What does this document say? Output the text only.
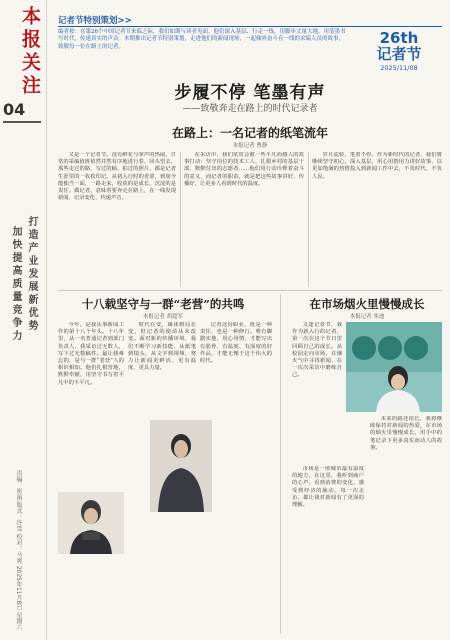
本报关注
04
打造产业发展新优势
加快提高质量竞争力
责编：崔丽 版式：许雪 校对：马爽 2025年11月8日 星期六
记者节特别策划>>
编者按：在第26个中国记者节来临之际，我们如期与读者见面。他们深入基层、行走一线，用脚步丈量大地，用笔墨书写时代，传递真实的声音。本期推出记者节特别策划，走进他们的新闻现场，一起倾听奋斗在一线的采编人员的故事，致敬每一位在路上的记者。	26th
记者节
2025/11/08
步履不停 笔墨有声
——致敬奔走在路上的时代记录者
在路上：一名记者的纸笔流年
本报记者 曹静

又是一个记者节。没有鲜花与掌声的热闹，日常的采编值班依然井然有序地进行着。回头望去，那些走过的路、写过的稿、拍过的照片，都是记者生涯里的一枚枚印记。从初入行时的青涩，到如今能独当一面，一路走来，收获的是成长，沉淀的是责任。做记者，意味着要奔走在路上，在一线发现新闻、记录变化、传递声音。

在采访中，我们常常会被一些平凡而感人的故事打动：坚守岗位的技术工人、扎根乡村的基层干部、默默付出的志愿者……他们用行动诠释着奋斗的意义，而记者的职责，就是把这些故事讲好、传播好，让更多人看到时代的温度。

岁月流转，笔墨不停。作为新时代的记者，我们将继续坚守初心，深入基层，用心用情用力讲好故事，以更加饱满的热情投入到新闻工作中去，不负时代，不负人民。

十八载坚守与一群“老营”的共鸣
本报记者 胡超军

今年，是我从事新闻工作的第十八个年头。十八年里，从一名普通记者到部门负责人，我采访过无数人，写下过无数稿件。最让我难忘的，是与一群“老营”人的相识相知。他们扎根营地，默默奉献，用坚守书写着平凡中的不平凡。

时代在变，媒体格局在变，但记者的使命从未改变。面对新的传播环境，我们不断学习新技能，从纸笔到镜头，从文字到视频，努力让新闻更鲜活、更有温度、更具力量。

记者这份职业，既是一种责任，也是一种修行。唯有脚踏实地、用心用情，才能写出有筋骨、有温度、有深度的好作品，才能无愧于这个伟大的时代。

在市场烟火里慢慢成长
本报记者 朱迪

又逢记者节，我作为新入行的记者，第一次在这个节日里回顾自己的成长。从校园走向市场，在烟火气中寻找新闻，在一次次采访中磨练自己。

市场是一座城市最有温度的地方。在这里，我听到商户的心声，看到消费的变化，感受到经济的脉动。每一次走访，都让我对新闻有了更深的理解。

未来的路还很长，我将继续保持对新闻的热爱，在市场的烟火里慢慢成长，用手中的笔记录下更多真实而动人的故事。
